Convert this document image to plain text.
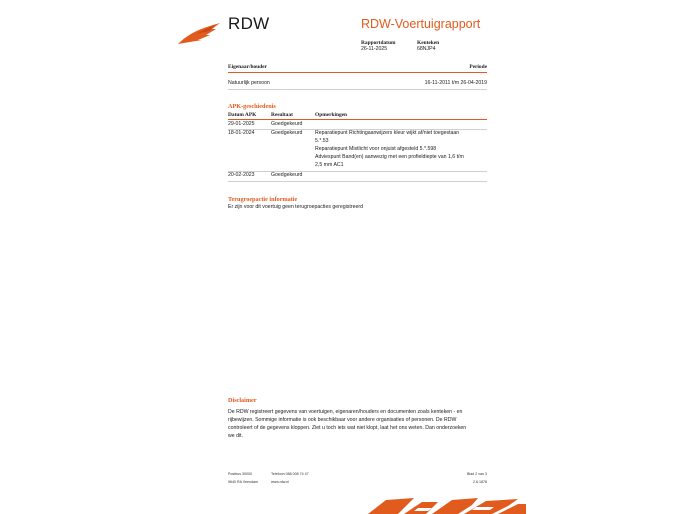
RDW	RDW-Voertuigrapport
Rapportdatum
26-11-2025
Kenteken
68NJP4
Eigenaar/houder	Periode
Natuurlijk persoon	16-11-2011 t/m 26-04-2019
APK-geschiedenis
Datum APK	Resultaat	Opmerkingen
29-01-2025	Goedgekeurd
18-01-2024	Goedgekeurd Reparatiepunt Richtingaanwijzers kleur wijkt af/niet toegestaan
5.*.53
Reparatiepunt Mistlicht voor onjuist afgesteld 5.*.598
Adviespunt Band(en) aanwezig met een profieldiepte van 1,6 t/m
2,5 mm AC1
20-02-2023	Goedgekeurd
Terugroepactie informatie
Er zijn voor dit voertuig geen terugroepacties geregistreerd
Disclaimer
De RDW registreert gegevens van voertuigen, eigenaren/houders en documenten zoals kenteken - en
rijbewijzen. Sommige informatie is ook beschikbaar voor andere organisaties of personen. De RDW
controleert of de gegevens kloppen. Ziet u toch iets wat niet klopt, laat het ons weten. Dan onderzoeken
we dit.
Postbus 30000
9640 RA Veendam
Telefoon 088 008 74 47
www.rdw.nl
Blad 2 van 3
2.6.1878
